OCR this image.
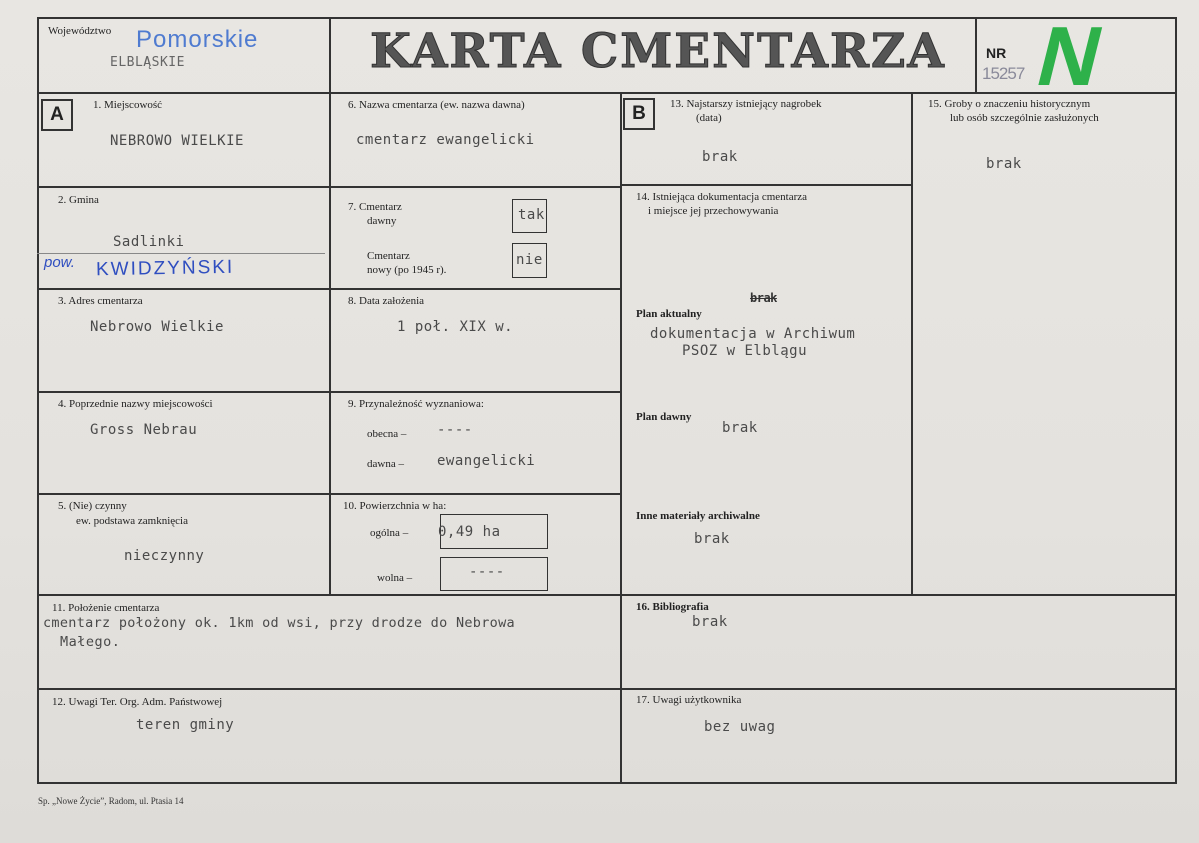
Województwo Pomorskie
ELBLĄSKIE	KARTA CMENTARZA	NR
15257 N
A	B
1. Miejscowość
NEBROWO WIELKIE
2. Gmina
Sadlinki
pow. KWIDZYŃSKI
3. Adres cmentarza
Nebrowo Wielkie
4. Poprzednie nazwy miejscowości
Gross Nebrau
5. (Nie) czynny
ew. podstawa zamknięcia
nieczynny
6. Nazwa cmentarza (ew. nazwa dawna)
cmentarz ewangelicki
7. Cmentarz
dawny
Cmentarz
nowy (po 1945 r).
tak
nie
8. Data założenia
1 poł. XIX w.
9. Przynależność wyznaniowa:
obecna – ----
dawna – ewangelicki
10. Powierzchnia w ha:
ogólna – 0,49 ha
wolna –	----
11. Położenie cmentarza
cmentarz położony ok. 1km od wsi, przy drodze do Nebrowa
Małego.
12. Uwagi Ter. Org. Adm. Państwowej
teren gminy
13. Najstarszy istniejący nagrobek
(data)
brak
14. Istniejąca dokumentacja cmentarza
i miejsce jej przechowywania
brak
Plan aktualny
dokumentacja w Archiwum
PSOZ w Elblągu
Plan dawny
brak
Inne materiały archiwalne
brak
15. Groby o znaczeniu historycznym
lub osób szczególnie zasłużonych
brak
16. Bibliografia
brak
17. Uwagi użytkownika
bez uwag
Sp. „Nowe Życie”, Radom, ul. Ptasia 14
